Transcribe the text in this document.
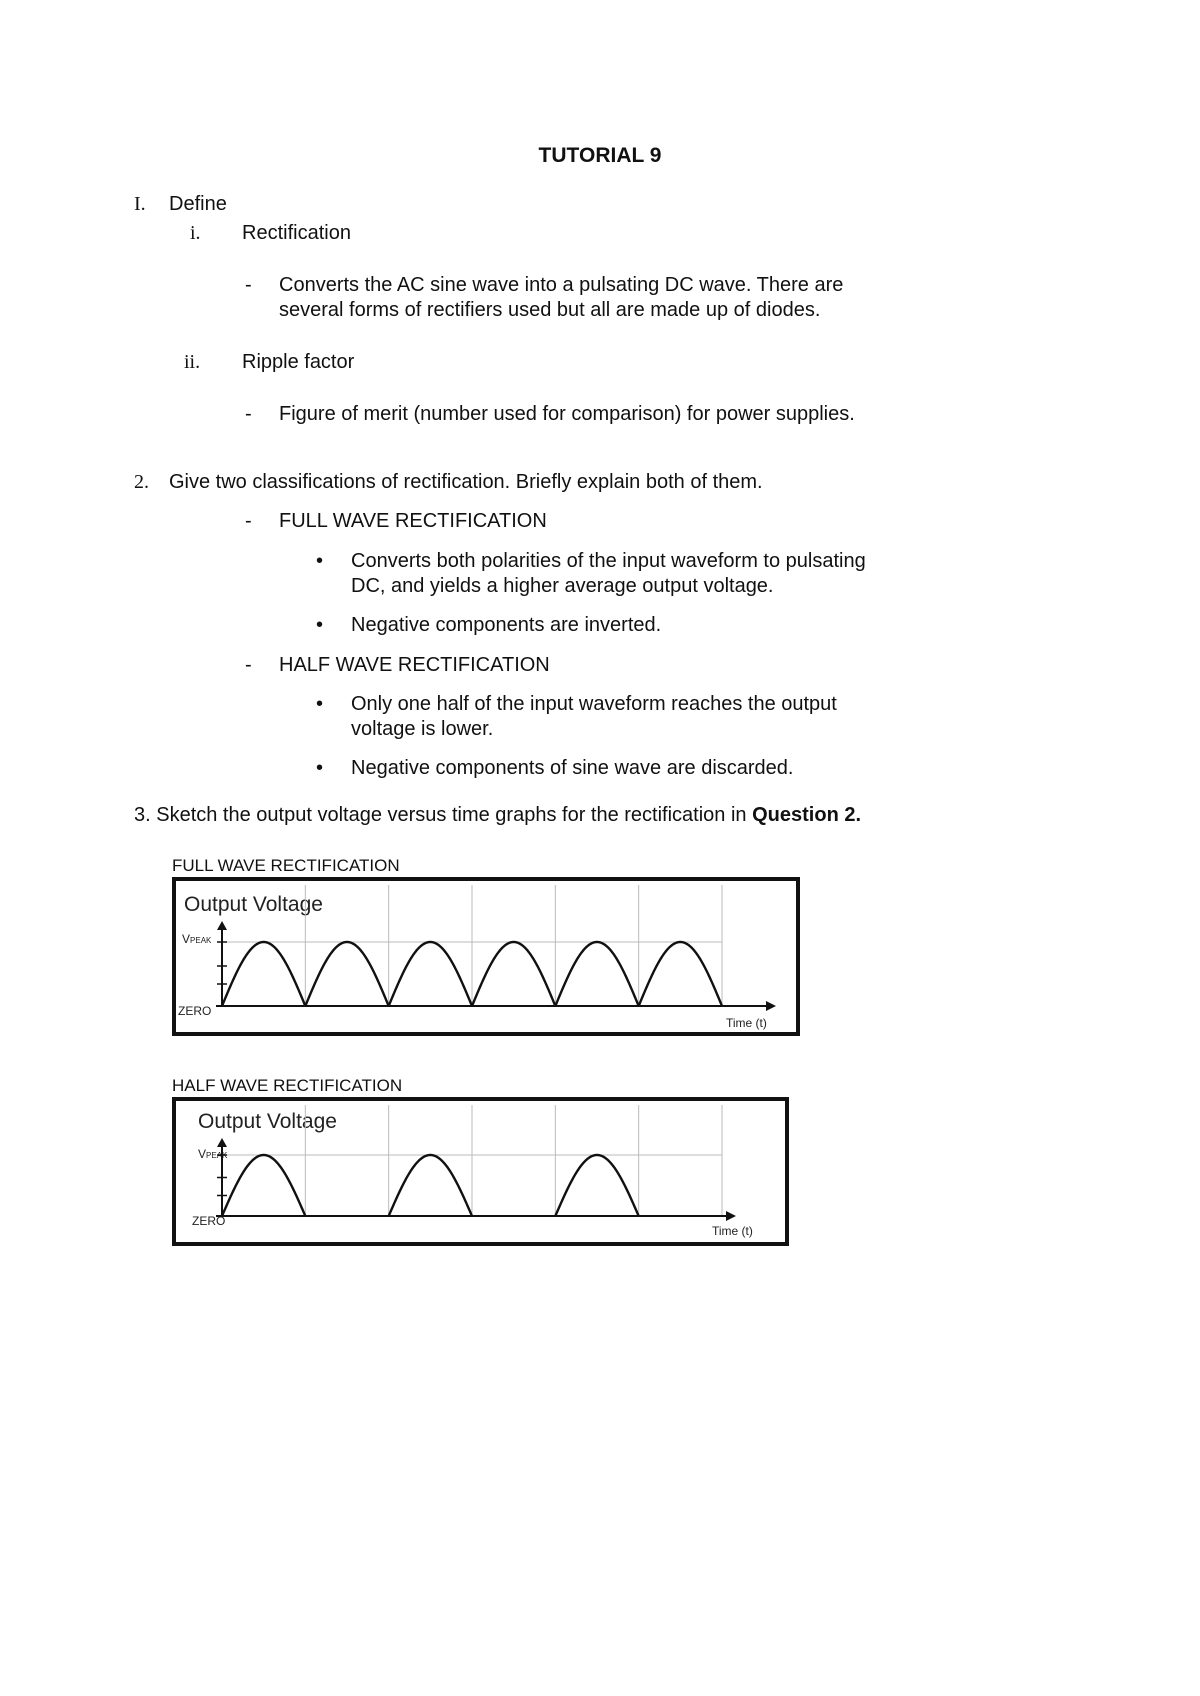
TUTORIAL 9
I. Define
i. Rectification
- Converts the AC sine wave into a pulsating DC wave. There are
several forms of rectifiers used but all are made up of diodes.
ii. Ripple factor
- Figure of merit (number used for comparison) for power supplies.
2. Give two classifications of rectification. Briefly explain both of them.
- FULL WAVE RECTIFICATION
• Converts both polarities of the input waveform to pulsating
DC, and yields a higher average output voltage.
• Negative components are inverted.
- HALF WAVE RECTIFICATION
• Only one half of the input waveform reaches the output
voltage is lower.
• Negative components of sine wave are discarded.
3. Sketch the output voltage versus time graphs for the rectification in Question 2.
FULL WAVE RECTIFICATION
Output Voltage
VPEAK
ZERO
Time (t)
HALF WAVE RECTIFICATION
Output Voltage
VPEAK
ZERO
Time (t)
